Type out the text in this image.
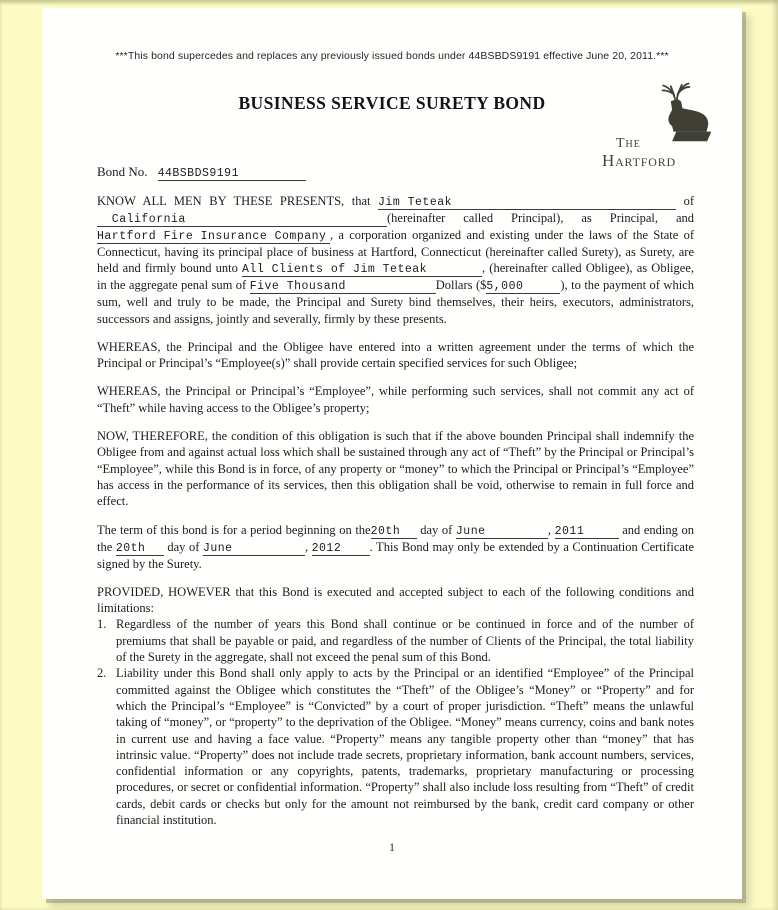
***This bond supercedes and replaces any previously issued bonds under 44BSBDS9191 effective June 20, 2011.***
BUSINESS SERVICE SURETY BOND
The
Hartford
Bond No. 44BSBDS9191

KNOW ALL MEN BY THESE PRESENTS, that Jim Teteak	of   California	(hereinafter called Principal), as Principal, and Hartford Fire Insurance Company , a corporation organized and existing under the laws of the State of Connecticut, having its principal place of business at Hartford, Connecticut (hereinafter called Surety), as Surety, are held and firmly bound unto All Clients of Jim Teteak	, (hereinafter called Obligee), as Obligee, in the aggregate penal sum of Five Thousand	Dollars ($5,000	), to the payment of which sum, well and truly to be made, the Principal and Surety bind themselves, their heirs, executors, administrators, successors and assigns, jointly and severally, firmly by these presents.

WHEREAS, the Principal and the Obligee have entered into a written agreement under the terms of which the Principal or Principal’s “Employee(s)” shall provide certain specified services for such Obligee;

WHEREAS, the Principal or Principal’s “Employee”, while performing such services, shall not commit any act of “Theft” while having access to the Obligee’s property;

NOW, THEREFORE, the condition of this obligation is such that if the above bounden Principal shall indemnify the Obligee from and against actual loss which shall be sustained through any act of “Theft” by the Principal or Principal’s “Employee”, while this Bond is in force, of any property or “money” to which the Principal or Principal’s “Employee” has access in the performance of its services, then this obligation shall be void, otherwise to remain in full force and effect.

The term of this bond is for a period beginning on the20th day of June	, 2011	and ending on the 20th day of June	, 2012 . This Bond may only be extended by a Continuation Certificate signed by the Surety.

PROVIDED, HOWEVER that this Bond is executed and accepted subject to each of the following conditions and limitations:

1. Regardless of the number of years this Bond shall continue or be continued in force and of the number of premiums that shall be payable or paid, and regardless of the number of Clients of the Principal, the total liability of the Surety in the aggregate, shall not exceed the penal sum of this Bond.
2. Liability under this Bond shall only apply to acts by the Principal or an identified “Employee” of the Principal committed against the Obligee which constitutes the “Theft” of the Obligee’s “Money” or “Property” and for which the Principal’s “Employee” is “Convicted” by a court of proper jurisdiction. “Theft” means the unlawful taking of “money”, or “property” to the deprivation of the Obligee. “Money” means currency, coins and bank notes in current use and having a face value. “Property” means any tangible property other than “money” that has intrinsic value. “Property” does not include trade secrets, proprietary information, bank account numbers, services, confidential information or any copyrights, patents, trademarks, proprietary manufacturing or processing procedures, or secret or confidential information. “Property” shall also include loss resulting from “Theft” of credit cards, debit cards or checks but only for the amount not reimbursed by the bank, credit card company or other financial institution.
1
